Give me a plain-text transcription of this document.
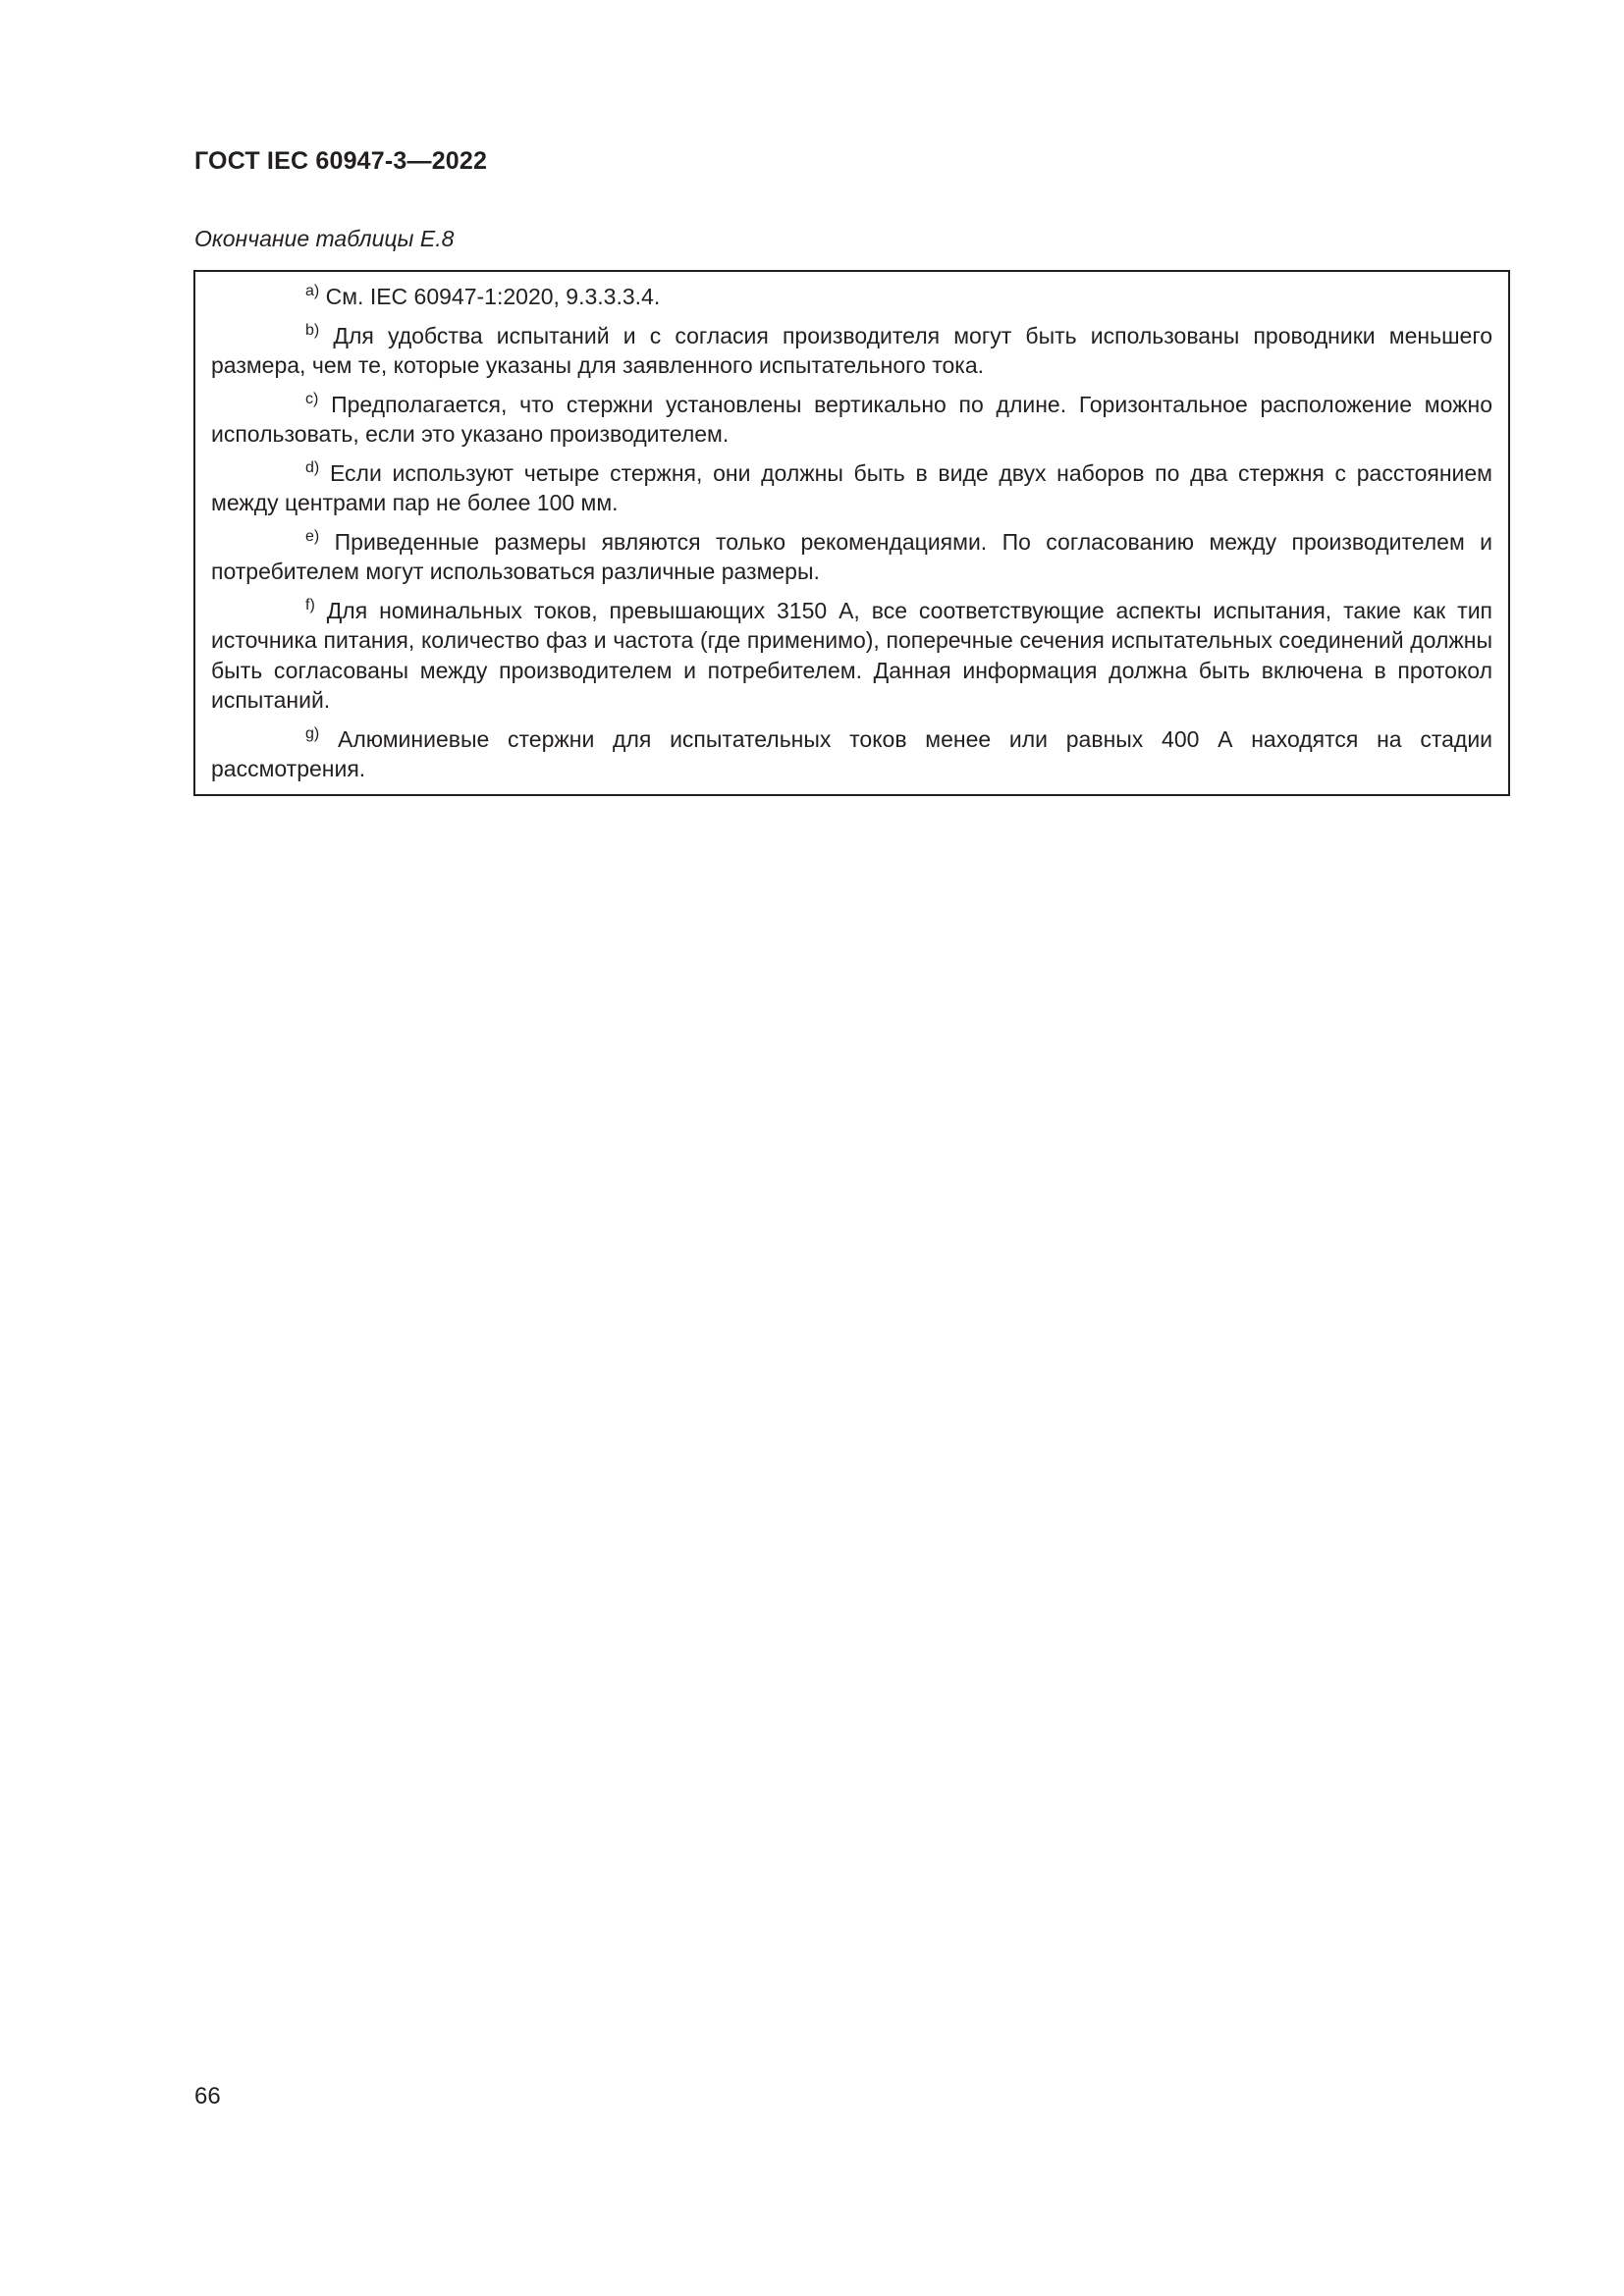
ГОСТ IEC 60947-3—2022
Окончание таблицы Е.8

$^{a)}$ См. IEC 60947-1:2020, 9.3.3.3.4.

$^{b)}$ Для удобства испытаний и с согласия производителя могут быть использованы проводники меньшего размера, чем те, которые указаны для заявленного испытательного тока.

$^{c)}$ Предполагается, что стержни установлены вертикально по длине. Горизонтальное расположение можно использовать, если это указано производителем.

$^{d)}$ Если используют четыре стержня, они должны быть в виде двух наборов по два стержня с расстоянием между центрами пар не более 100 мм.

$^{e)}$ Приведенные размеры являются только рекомендациями. По согласованию между производителем и потребителем могут использоваться различные размеры.

$^{f)}$ Для номинальных токов, превышающих 3150 А, все соответствующие аспекты испытания, такие как тип источника питания, количество фаз и частота (где применимо), поперечные сечения испытательных соединений должны быть согласованы между производителем и потребителем. Данная информация должна быть включена в протокол испытаний.

$^{g)}$ Алюминиевые стержни для испытательных токов менее или равных 400 А находятся на стадии рассмотрения.

66
